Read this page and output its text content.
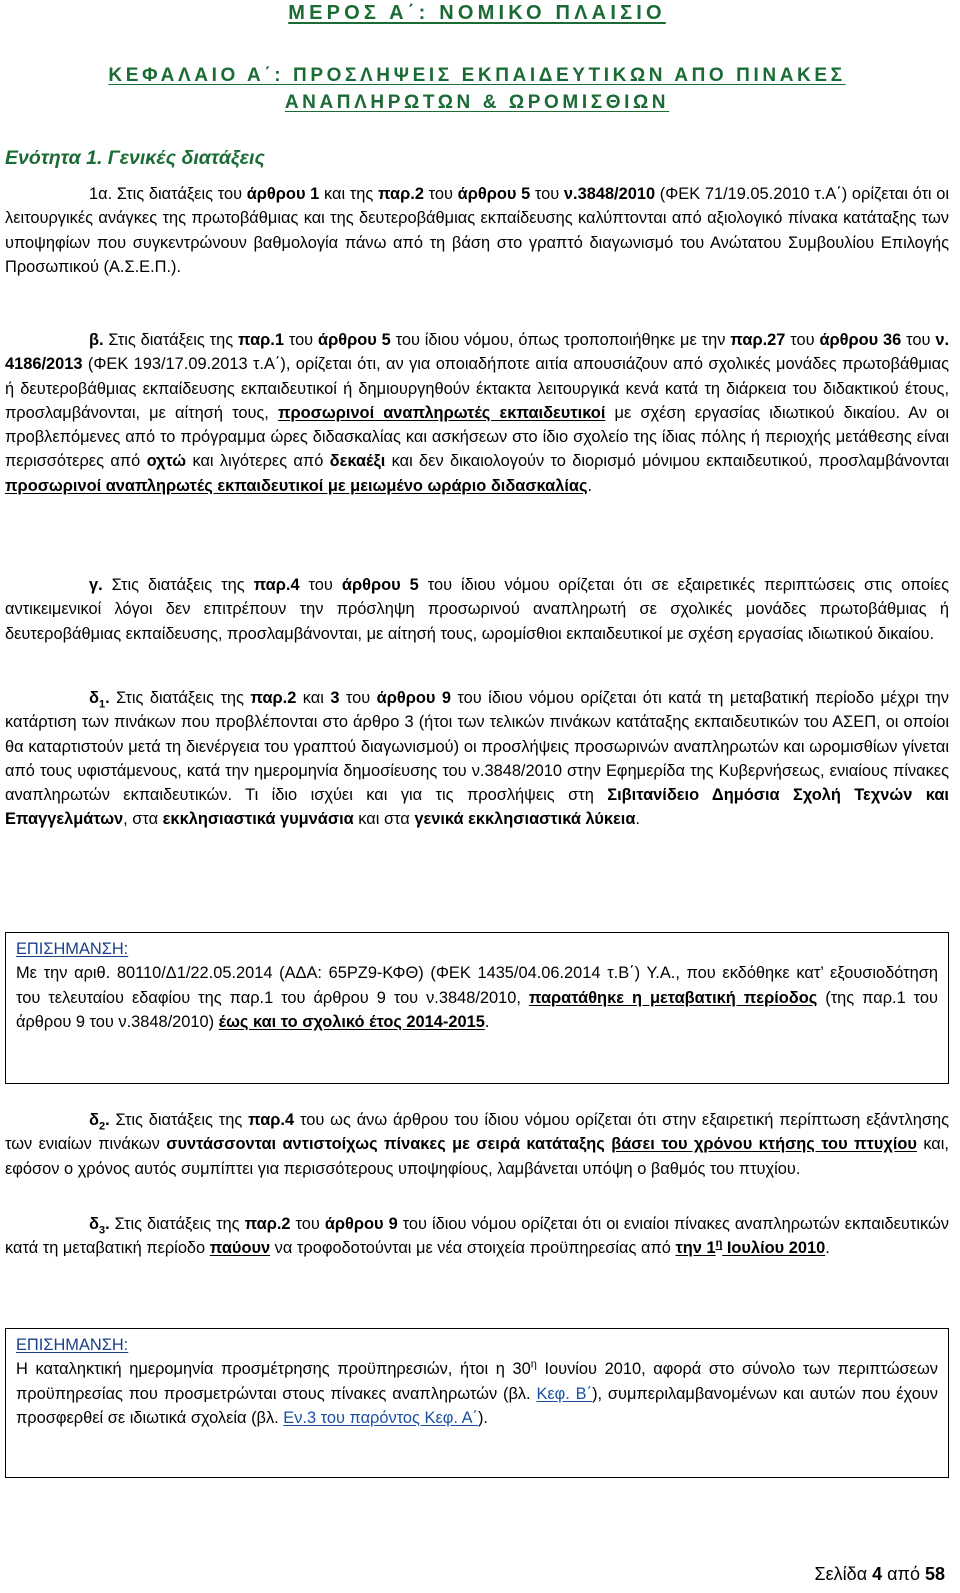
ΜΕΡΟΣ Α΄: ΝΟΜΙΚΟ ΠΛΑΙΣΙΟ
ΚΕΦΑΛΑΙΟ Α΄: ΠΡΟΣΛΗΨΕΙΣ ΕΚΠΑΙΔΕΥΤΙΚΩΝ ΑΠΟ ΠΙΝΑΚΕΣ
ΑΝΑΠΛΗΡΩΤΩΝ & ΩΡΟΜΙΣΘΙΩΝ
Ενότητα 1. Γενικές διατάξεις

1α. Στις διατάξεις του άρθρου 1 και της παρ.2 του άρθρου 5 του ν.3848/2010 (ΦΕΚ 71/19.05.2010 τ.Α΄) ορίζεται ότι οι λειτουργικές ανάγκες της πρωτοβάθμιας και της δευτεροβάθμιας εκπαίδευσης καλύπτονται από αξιολογικό πίνακα κατάταξης των υποψηφίων που συγκεντρώνουν βαθμολογία πάνω από τη βάση στο γραπτό διαγωνισμό του Ανώτατου Συμβουλίου Επιλογής Προσωπικού (Α.Σ.Ε.Π.).

β. Στις διατάξεις της παρ.1 του άρθρου 5 του ίδιου νόμου, όπως τροποποιήθηκε με την παρ.27 του άρθρου 36 του ν. 4186/2013 (ΦΕΚ 193/17.09.2013 τ.Α΄), ορίζεται ότι, αν για οποιαδήποτε αιτία απουσιάζουν από σχολικές μονάδες πρωτοβάθμιας ή δευτεροβάθμιας εκπαίδευσης εκπαιδευτικοί ή δημιουργηθούν έκτακτα λειτουργικά κενά κατά τη διάρκεια του διδακτικού έτους, προσλαμβάνονται, με αίτησή τους, προσωρινοί αναπληρωτές εκπαιδευτικοί με σχέση εργασίας ιδιωτικού δικαίου. Αν οι προβλεπόμενες από το πρόγραμμα ώρες διδασκαλίας και ασκήσεων στο ίδιο σχολείο της ίδιας πόλης ή περιοχής μετάθεσης είναι περισσότερες από οχτώ και λιγότερες από δεκαέξι και δεν δικαιολογούν το διορισμό μόνιμου εκπαιδευτικού, προσλαμβάνονται προσωρινοί αναπληρωτές εκπαιδευτικοί με μειωμένο ωράριο διδασκαλίας.

γ. Στις διατάξεις της παρ.4 του άρθρου 5 του ίδιου νόμου ορίζεται ότι σε εξαιρετικές περιπτώσεις στις οποίες αντικειμενικοί λόγοι δεν επιτρέπουν την πρόσληψη προσωρινού αναπληρωτή σε σχολικές μονάδες πρωτοβάθμιας ή δευτεροβάθμιας εκπαίδευσης, προσλαμβάνονται, με αίτησή τους, ωρομίσθιοι εκπαιδευτικοί με σχέση εργασίας ιδιωτικού δικαίου.

$\delta_1$. Στις διατάξεις της παρ.2 και 3 του άρθρου 9 του ίδιου νόμου ορίζεται ότι κατά τη μεταβατική περίοδο μέχρι την κατάρτιση των πινάκων που προβλέπονται στο άρθρο 3 (ήτοι των τελικών πινάκων κατάταξης εκπαιδευτικών του ΑΣΕΠ, οι οποίοι θα καταρτιστούν μετά τη διενέργεια του γραπτού διαγωνισμού) οι προσλήψεις προσωρινών αναπληρωτών και ωρομισθίων γίνεται από τους υφιστάμενους, κατά την ημερομηνία δημοσίευσης του ν.3848/2010 στην Εφημερίδα της Κυβερνήσεως, ενιαίους πίνακες αναπληρωτών εκπαιδευτικών. Τι ίδιο ισχύει και για τις προσλήψεις στη Σιβιτανίδειο Δημόσια Σχολή Τεχνών και Επαγγελμάτων, στα εκκλησιαστικά γυμνάσια και στα γενικά εκκλησιαστικά λύκεια.

ΕΠΙΣΗΜΑΝΣΗ:
Με την αριθ. 80110/Δ1/22.05.2014 (ΑΔΑ: 65ΡΖ9-ΚΦΘ) (ΦΕΚ 1435/04.06.2014 τ.Β΄) Υ.Α., που εκδόθηκε κατ’ εξουσιοδότηση του τελευταίου εδαφίου της παρ.1 του άρθρου 9 του ν.3848/2010, παρατάθηκε η μεταβατική περίοδος (της παρ.1 του άρθρου 9 του ν.3848/2010) έως και το σχολικό έτος 2014-2015.

$\delta_2$. Στις διατάξεις της παρ.4 του ως άνω άρθρου του ίδιου νόμου ορίζεται ότι στην εξαιρετική περίπτωση εξάντλησης των ενιαίων πινάκων συντάσσονται αντιστοίχως πίνακες με σειρά κατάταξης βάσει του χρόνου κτήσης του πτυχίου και, εφόσον ο χρόνος αυτός συμπίπτει για περισσότερους υποψηφίους, λαμβάνεται υπόψη ο βαθμός του πτυχίου.

$\delta_3$. Στις διατάξεις της παρ.2 του άρθρου 9 του ίδιου νόμου ορίζεται ότι οι ενιαίοι πίνακες αναπληρωτών εκπαιδευτικών κατά τη μεταβατική περίοδο παύουν να τροφοδοτούνται με νέα στοιχεία προϋπηρεσίας από την $1^\eta$ Ιουλίου 2010.

ΕΠΙΣΗΜΑΝΣΗ:
Η καταληκτική ημερομηνία προσμέτρησης προϋπηρεσιών, ήτοι η $30^\eta$ Ιουνίου 2010, αφορά στο σύνολο των περιπτώσεων προϋπηρεσίας που προσμετρώνται στους πίνακες αναπληρωτών (βλ. Κεφ. Β΄), συμπεριλαμβανομένων και αυτών που έχουν προσφερθεί σε ιδιωτικά σχολεία (βλ. Εν.3 του παρόντος Κεφ. Α΄).
Σελίδα 4 από 58
